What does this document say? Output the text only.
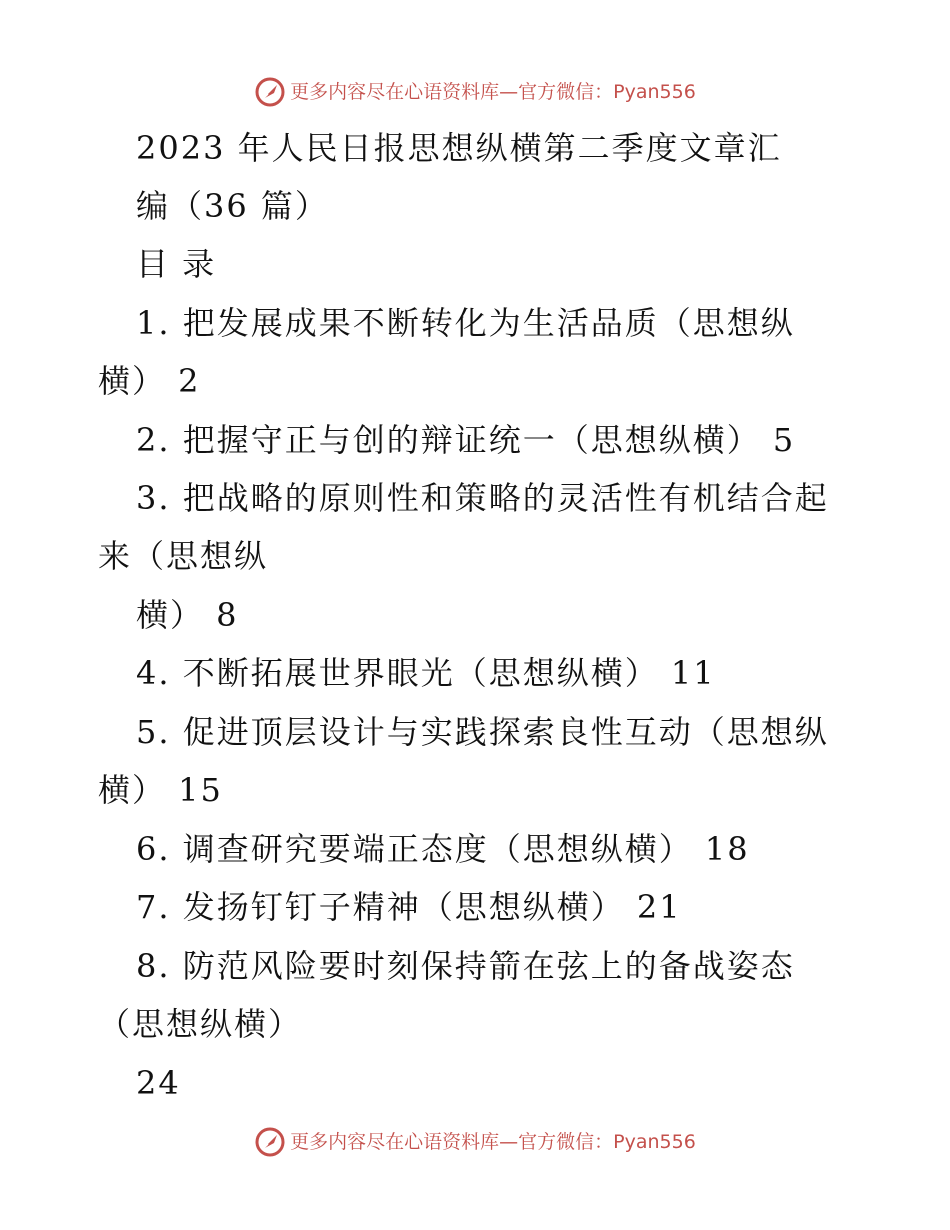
更多内容尽在心语资料库—官方微信： Pyan556
2023 年人民日报思想纵横第二季度文章汇
编（36 篇）
目 录
1. 把发展成果不断转化为生活品质（思想纵
横） 2
2. 把握守正与创的辩证统一（思想纵横） 5
3. 把战略的原则性和策略的灵活性有机结合起
来（思想纵
横） 8
4. 不断拓展世界眼光（思想纵横） 11
5. 促进顶层设计与实践探索良性互动（思想纵
横） 15
6. 调查研究要端正态度（思想纵横） 18
7. 发扬钉钉子精神（思想纵横） 21
8. 防范风险要时刻保持箭在弦上的备战姿态
（思想纵横）
24
更多内容尽在心语资料库—官方微信： Pyan556
